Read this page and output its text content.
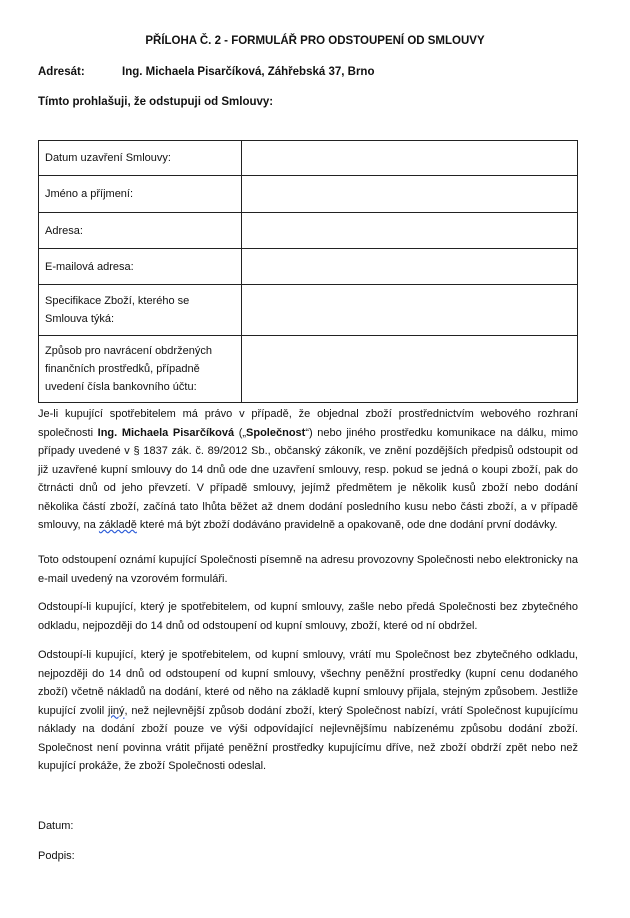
PŘÍLOHA Č. 2 - FORMULÁŘ PRO ODSTOUPENÍ OD SMLOUVY
Adresát:	Ing. Michaela Pisarčíková, Záhřebská 37, Brno
Tímto prohlašuji, že odstupuji od Smlouvy:
Datum uzavření Smlouvy:	
Jméno a příjmení:	
Adresa:	
E-mailová adresa:	
Specifikace Zboží, kterého se Smlouva týká:	
Způsob pro navrácení obdržených finančních prostředků, případně uvedení čísla bankovního účtu:	

Je-li kupující spotřebitelem má právo v případě, že objednal zboží prostřednictvím webového rozhraní společnosti Ing. Michaela Pisarčíková („Společnost“) nebo jiného prostředku komunikace na dálku, mimo případy uvedené v § 1837 zák. č. 89/2012 Sb., občanský zákoník, ve znění pozdějších předpisů odstoupit od již uzavřené kupní smlouvy do 14 dnů ode dne uzavření smlouvy, resp. pokud se jedná o koupi zboží, pak do čtrnácti dnů od jeho převzetí. V případě smlouvy, jejímž předmětem je několik kusů zboží nebo dodání několika částí zboží, začíná tato lhůta běžet až dnem dodání posledního kusu nebo části zboží, a v případě smlouvy, na základě které má být zboží dodáváno pravidelně a opakovaně, ode dne dodání první dodávky.

Toto odstoupení oznámí kupující Společnosti písemně na adresu provozovny Společnosti nebo elektronicky na e-mail uvedený na vzorovém formuláři.

Odstoupí-li kupující, který je spotřebitelem, od kupní smlouvy, zašle nebo předá Společnosti bez zbytečného odkladu, nejpozději do 14 dnů od odstoupení od kupní smlouvy, zboží, které od ní obdržel.

Odstoupí-li kupující, který je spotřebitelem, od kupní smlouvy, vrátí mu Společnost bez zbytečného odkladu, nejpozději do 14 dnů od odstoupení od kupní smlouvy, všechny peněžní prostředky (kupní cenu dodaného zboží) včetně nákladů na dodání, které od něho na základě kupní smlouvy přijala, stejným způsobem. Jestliže kupující zvolil jiný, než nejlevnější způsob dodání zboží, který Společnost nabízí, vrátí Společnost kupujícímu náklady na dodání zboží pouze ve výši odpovídající nejlevnějšímu nabízenému způsobu dodání zboží. Společnost není povinna vrátit přijaté peněžní prostředky kupujícímu dříve, než zboží obdrží zpět nebo než kupující prokáže, že zboží Společnosti odeslal.

Datum:
Podpis:
